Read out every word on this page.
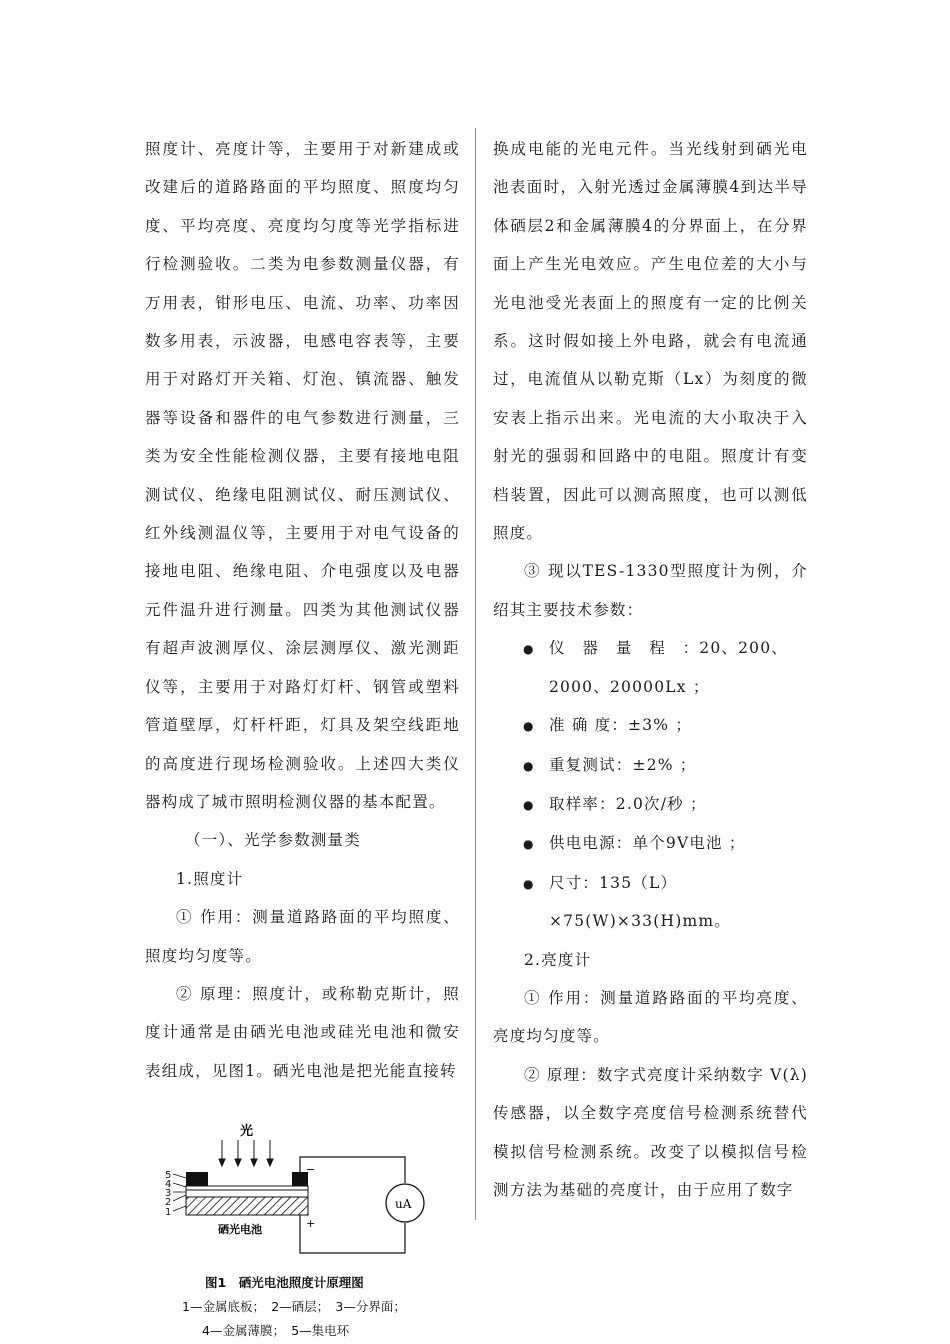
照度计、亮度计等，主要用于对新建成或改建后的道路路面的平均照度、照度均匀度、平均亮度、亮度均匀度等光学指标进行检测验收。二类为电参数测量仪器，有万用表，钳形电压、电流、功率、功率因数多用表，示波器，电感电容表等，主要用于对路灯开关箱、灯泡、镇流器、触发器等设备和器件的电气参数进行测量，三类为安全性能检测仪器，主要有接地电阻测试仪、绝缘电阻测试仪、耐压测试仪、红外线测温仪等，主要用于对电气设备的接地电阻、绝缘电阻、介电强度以及电器元件温升进行测量。四类为其他测试仪器有超声波测厚仪、涂层测厚仪、激光测距仪等，主要用于对路灯灯杆、钢管或塑料管道壁厚，灯杆杆距，灯具及架空线距地的高度进行现场检测验收。上述四大类仪器构成了城市照明检测仪器的基本配置。

（一）、光学参数测量类

1.照度计

① 作用：测量道路路面的平均照度、照度均匀度等。

② 原理：照度计，或称勒克斯计，照度计通常是由硒光电池或硅光电池和微安表组成，见图1。硒光电池是把光能直接转

换成电能的光电元件。当光线射到硒光电池表面时，入射光透过金属薄膜4到达半导体硒层2和金属薄膜4的分界面上，在分界面上产生光电效应。产生电位差的大小与光电池受光表面上的照度有一定的比例关系。这时假如接上外电路，就会有电流通过，电流值从以勒克斯（Lx）为刻度的微安表上指示出来。光电流的大小取决于入射光的强弱和回路中的电阻。照度计有变档装置，因此可以测高照度，也可以测低照度。

③ 现以TES-1330型照度计为例，介绍其主要技术参数：

● 仪　器　量　程　：20、200、2000、20000Lx ；
● 准 确 度：±3% ；
● 重复测试：±2% ；
● 取样率：2.0次/秒 ；
● 供电电源：单个9V电池 ；
● 尺寸：135（L）×75(W)×33(H)mm。

2.亮度计

① 作用：测量道路路面的平均亮度、亮度均匀度等。

② 原理：数字式亮度计采纳数字 V(λ) 传感器，以全数字亮度信号检测系统替代模拟信号检测系统。改变了以模拟信号检测方法为基础的亮度计，由于应用了数字

光
5
4
3
2
1
硒光电池
−
+
uA
图1　硒光电池照度计原理图
1—金属底板；　2—硒层；　3—分界面；
4—金属薄膜；　5—集电环
